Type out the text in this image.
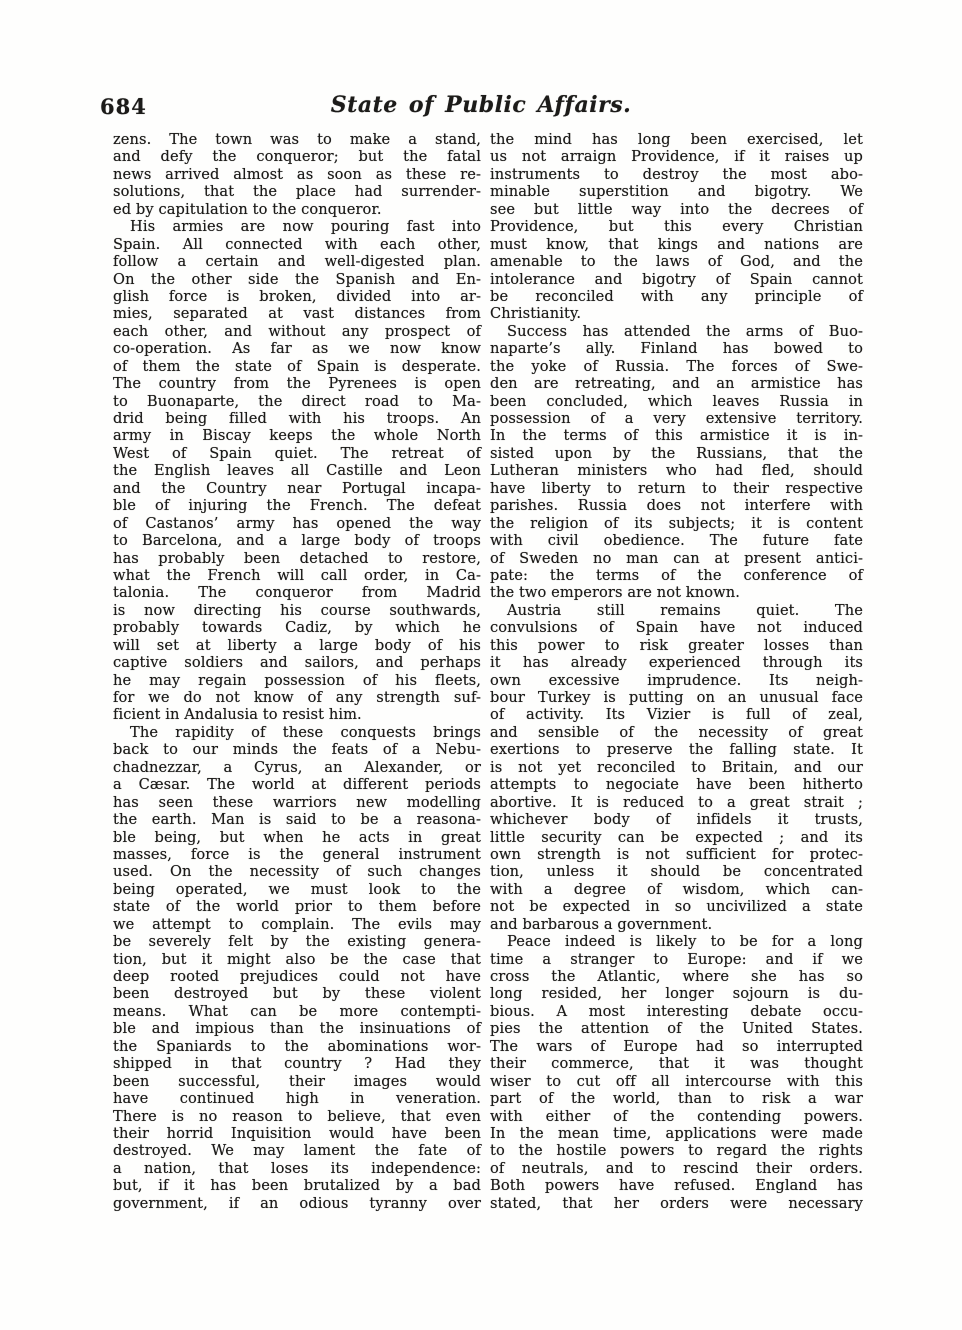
684	State of Public Affairs.
zens. The town was to make a stand,
and defy the conqueror; but the fatal
news arrived almost as soon as these re-
solutions, that the place had surrender-
ed by capitulation to the conqueror.
His armies are now pouring fast into
Spain. All connected with each other,
follow a certain and well-digested plan.
On the other side the Spanish and En-
glish force is broken, divided into ar-
mies, separated at vast distances from
each other, and without any prospect of
co-operation. As far as we now know
of them the state of Spain is desperate.
The country from the Pyrenees is open
to Buonaparte, the direct road to Ma-
drid being filled with his troops. An
army in Biscay keeps the whole North
West of Spain quiet. The retreat of
the English leaves all Castille and Leon
and the Country near Portugal incapa-
ble of injuring the French. The defeat
of Castanos’ army has opened the way
to Barcelona, and a large body of troops
has probably been detached to restore,
what the French will call order, in Ca-
talonia. The conqueror from Madrid
is now directing his course southwards,
probably towards Cadiz, by which he
will set at liberty a large body of his
captive soldiers and sailors, and perhaps
he may regain possession of his fleets,
for we do not know of any strength suf-
ficient in Andalusia to resist him.
The rapidity of these conquests brings
back to our minds the feats of a Nebu-
chadnezzar, a Cyrus, an Alexander, or
a Cæsar. The world at different periods
has seen these warriors new modelling
the earth. Man is said to be a reasona-
ble being, but when he acts in great
masses, force is the general instrument
used. On the necessity of such changes
being operated, we must look to the
state of the world prior to them before
we attempt to complain. The evils may
be severely felt by the existing genera-
tion, but it might also be the case that
deep rooted prejudices could not have
been destroyed but by these violent
means. What can be more contempti-
ble and impious than the insinuations of
the Spaniards to the abominations wor-
shipped in that country ? Had they
been successful, their images would
have continued high in veneration.
There is no reason to believe, that even
their horrid Inquisition would have been
destroyed. We may lament the fate of
a nation, that loses its independence:
but, if it has been brutalized by a bad
government, if an odious tyranny over
the mind has long been exercised, let
us not arraign Providence, if it raises up
instruments to destroy the most abo-
minable superstition and bigotry. We
see but little way into the decrees of
Providence, but this every Christian
must know, that kings and nations are
amenable to the laws of God, and the
intolerance and bigotry of Spain cannot
be reconciled with any principle of
Christianity.
Success has attended the arms of Buo-
naparte’s ally. Finland has bowed to
the yoke of Russia. The forces of Swe-
den are retreating, and an armistice has
been concluded, which leaves Russia in
possession of a very extensive territory.
In the terms of this armistice it is in-
sisted upon by the Russians, that the
Lutheran ministers who had fled, should
have liberty to return to their respective
parishes. Russia does not interfere with
the religion of its subjects; it is content
with civil obedience. The future fate
of Sweden no man can at present antici-
pate: the terms of the conference of
the two emperors are not known.
Austria still remains quiet. The
convulsions of Spain have not induced
this power to risk greater losses than
it has already experienced through its
own excessive imprudence. Its neigh-
bour Turkey is putting on an unusual face
of activity. Its Vizier is full of zeal,
and sensible of the necessity of great
exertions to preserve the falling state. It
is not yet reconciled to Britain, and our
attempts to negociate have been hitherto
abortive. It is reduced to a great strait ;
whichever body of infidels it trusts,
little security can be expected ; and its
own strength is not sufficient for protec-
tion, unless it should be concentrated
with a degree of wisdom, which can-
not be expected in so uncivilized a state
and barbarous a government.
Peace indeed is likely to be for a long
time a stranger to Europe: and if we
cross the Atlantic, where she has so
long resided, her longer sojourn is du-
bious. A most interesting debate occu-
pies the attention of the United States.
The wars of Europe had so interrupted
their commerce, that it was thought
wiser to cut off all intercourse with this
part of the world, than to risk a war
with either of the contending powers.
In the mean time, applications were made
to the hostile powers to regard the rights
of neutrals, and to rescind their orders.
Both powers have refused. England has
stated, that her orders were necessary
